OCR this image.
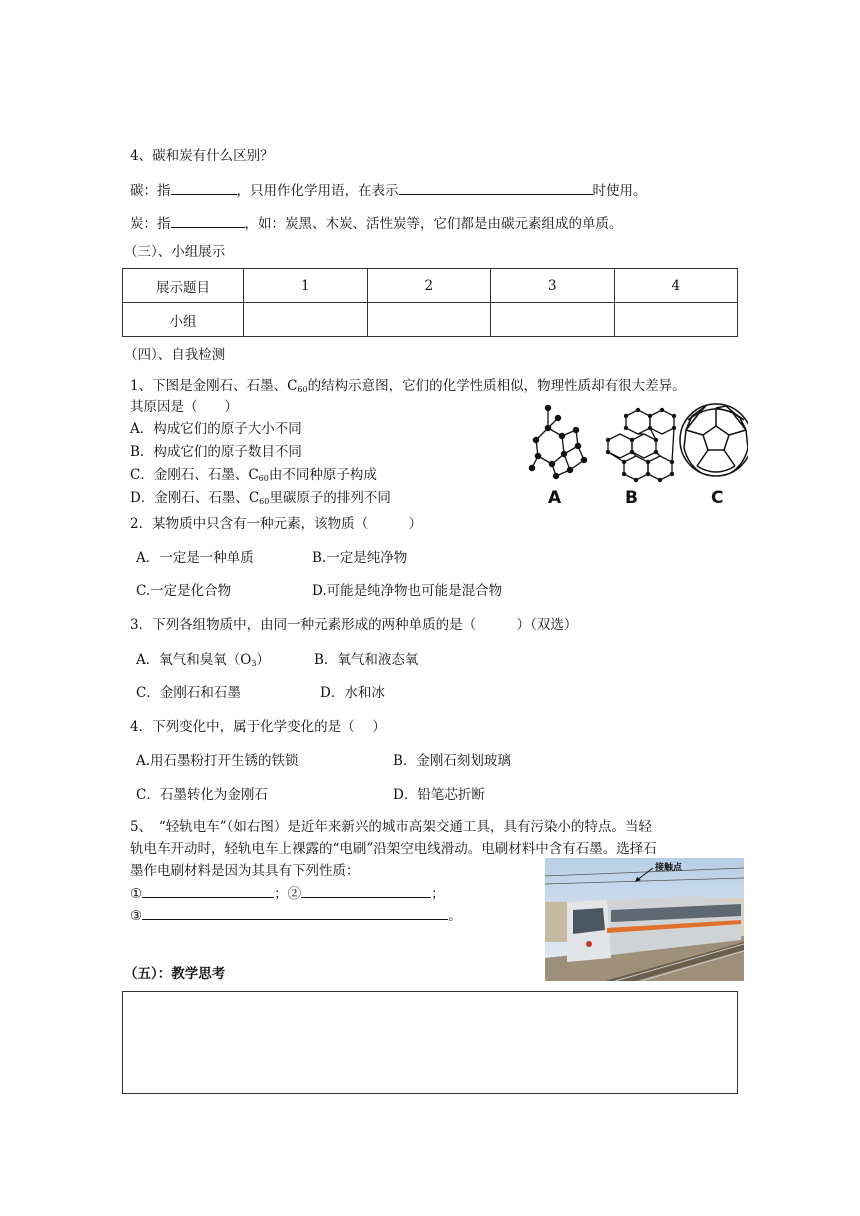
4、碳和炭有什么区别？
碳：指	，只用作化学用语，在表示	时使用。
炭：指	，如：炭黑、木炭、活性炭等，它们都是由碳元素组成的单质。
（三）、小组展示
展示题目	1	2	3	4
小组				
（四）、自我检测
1、下图是金刚石、石墨、$C_{60}$的结构示意图，它们的化学性质相似，物理性质却有很大差异。
其原因是（　　）
A．构成它们的原子大小不同
B．构成它们的原子数目不同
C．金刚石、石墨、$C_{60}$由不同种原子构成
D．金刚石、石墨、$C_{60}$里碳原子的排列不同	A	B	C
2．某物质中只含有一种元素，该物质（　　　）
A．一定是一种单质	B.一定是纯净物
C.一定是化合物	D.可能是纯净物也可能是混合物
3．下列各组物质中，由同一种元素形成的两种单质的是（　　　）（双选）
A．氧气和臭氧$(O_3)$	B．氧气和液态氧
C．金刚石和石墨	D．水和冰
4．下列变化中，属于化学变化的是（　 ）
A.用石墨粉打开生锈的铁锁	B．金刚石刻划玻璃
C．石墨转化为金刚石	D．铅笔芯折断
5、　“轻轨电车”（如右图）是近年来新兴的城市高架交通工具，具有污染小的特点。当轻
轨电车开动时，轻轨电车上裸露的“电刷”沿架空电线滑动。电刷材料中含有石墨。选择石
墨作电刷材料是因为其具有下列性质：
①	；②	；
③	。
接触点
（五）：教学思考
